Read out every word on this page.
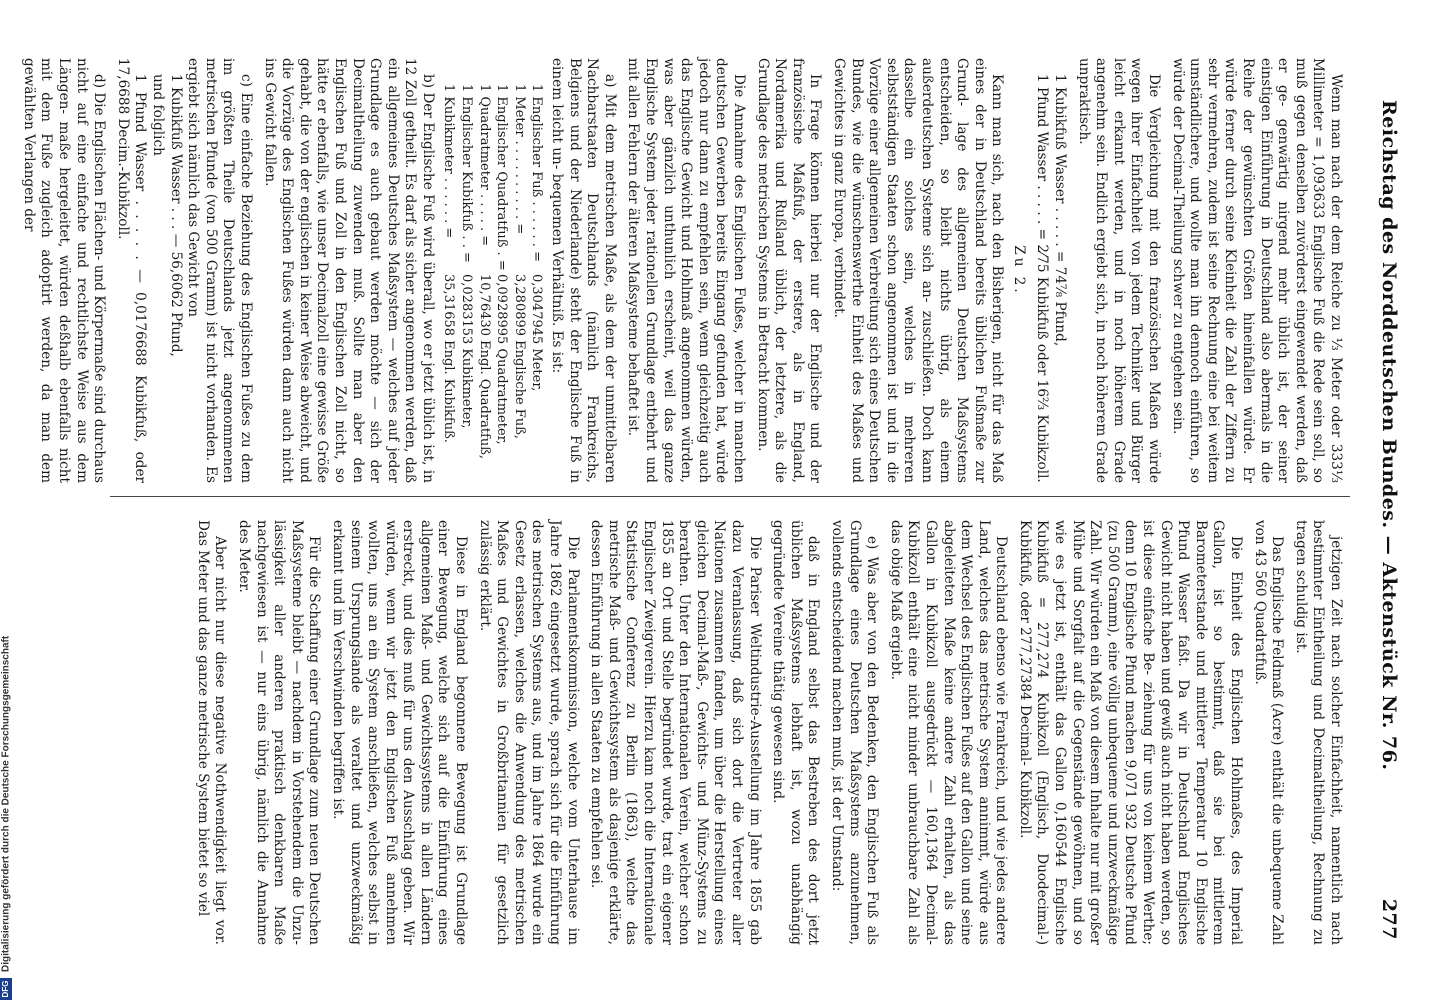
Reichstag des Norddeutschen Bundes. — Aktenstück Nr. 76.
277

Wenn man nach der dem Reiche zu ⅓ Meter oder 333⅓ Millimeter = 1,093633 Englische Fuß die Rede sein soll, so muß gegen denselben zuvörderst eingewendet werden, daß er ge- genwärtig nirgend mehr üblich ist, der seiner einstigen Einführung in Deutschland also abermals in die Reihe der gewünschten Größen hineinfallen würde. Er würde ferner durch seine Kleinheit die Zahl der Ziffern zu sehr vermehren, zudem ist seine Rechnung eine bei weitem umständlichere, und wollte man ihn dennoch einführen, so würde der Decimal-Theilung schwer zu entgehen sein.

Die Vergleichung mit den französischen Maßen würde wegen ihrer Einfachheit von jedem Techniker und Bürger leicht erkannt werden, und in noch höherem Grade angenehm sein. Endlich ergiebt sich, in noch höherem Grade unpraktisch.

1 Kubikfuß Wasser . . . . . = 74⅞ Pfund,

1 Pfund Wasser . . . . . = 2⁄75 Kubikfuß oder 16⅔ Kubikzoll.

Zu 2.

Kann man sich, nach den Bisherigen, nicht für das Maß eines der in Deutschland bereits üblichen Fußmaße zur Grund- lage des allgemeinen Deutschen Maßsystems entscheiden, so bleibt nichts übrig, als einem außerdeutschen Systeme sich an- zuschließen. Doch kann dasselbe ein solches sein, welches in mehreren selbstständigen Staaten schon angenommen ist und in die Vorzüge einer allgemeinen Verbreitung sich eines Deutschen Bundes, wie die wünschenswerthe Einheit des Maßes und Gewichtes in ganz Europa, verbindet.

In Frage können hierbei nur der Englische und der französische Maßfuß, der erstere, als in England, Nordamerika und Rußland üblich, der letztere, als die Grundlage des metrischen Systems in Betracht kommen.

Die Annahme des Englischen Fußes, welcher in manchen deutschen Gewerben bereits Eingang gefunden hat, würde jedoch nur dann zu empfehlen sein, wenn gleichzeitig auch das Englische Gewicht und Hohlmaß angenommen würden, was aber gänzlich unthunlich erscheint, weil das ganze Englische System jeder rationellen Grundlage entbehrt und mit allen Fehlern der älteren Maßsysteme behaftet ist.

a) Mit dem metrischen Maße, als dem der unmittelbaren Nachbarstaaten Deutschlands (nämlich Frankreichs, Belgiens und der Niederlande) steht der Englische Fuß in einem leicht un- bequemen Verhältniß. Es ist:

1 Englischer Fuß . . . . . . =
0,3047945 Meter,
1 Meter . . . . . . . . . . =
3,280899 Englische Fuß,
1 Englischer Quadratfuß . =
0,0928995 Quadratmeter,
1 Quadratmeter . . . . . =
10,76430 Engl. Quadratfuß,
1 Englischer Kubikfuß . . =
0,0283153 Kubikmeter,
1 Kubikmeter . . . . . . =
35,31658 Engl. Kubikfuß.

b) Der Englische Fuß wird überall, wo er jetzt üblich ist, in 12 Zoll getheilt. Es darf als sicher angenommen werden, daß ein allgemeines Deutsches Maßsystem — welches auf jeder Grundlage es auch gebaut werden möchte — sich der Decimaltheilung zuwenden muß. Sollte man aber den Englischen Fuß und Zoll in den Englischen Zoll nicht, so hätte er ebenfalls, wie unser Decimalzoll eine gewisse Größe gehabt, die von der englischen in keiner Weise abweicht, und die Vorzüge des Englischen Fußes würden dann auch nicht ins Gewicht fallen.

c) Eine einfache Beziehung des Englischen Fußes zu dem im größten Theile Deutschlands jetzt angenommenen metrischen Pfunde (von 500 Gramm) ist nicht vorhanden. Es ergiebt sich nämlich das Gewicht von

1 Kubikfuß Wasser . . . — 56,6062 Pfund,

und folglich

1 Pfund Wasser . . . . . — 0,0176688 Kubikfuß, oder 17,6688 Decim.-Kubikzoll.

d) Die Englischen Flächen- und Körpermaße sind durchaus nicht auf eine einfache und rechtlichste Weise aus dem Längen- maße hergeleitet, würden deßhalb ebenfalls nicht mit dem Fuße zugleich adoptirt werden, da man dem gewählten Verlangen der

jetzigen Zeit nach solcher Einfachheit, namentlich nach bestimmter Eintheilung und Decimaltheilung, Rechnung zu tragen schuldig ist.

Das Englische Feldmaß (Acre) enthält die unbequeme Zahl von 43 560 Quadratfuß.

Die Einheit des Englischen Hohlmaßes, des Imperial Gallon, ist so bestimmt, daß sie bei mittlerem Barometerstande und mittlerer Temperatur 10 Englische Pfund Wasser faßt. Da wir in Deutschland Englisches Gewicht nicht haben und gewiß auch nicht haben werden, so ist diese einfache Be- ziehung für uns von keinem Werthe; denn 10 Englische Pfund machen 9,071 932 Deutsche Pfund (zu 500 Gramm), eine völlig unbequeme und unzweckmäßige Zahl. Wir würden ein Maß von diesem Inhalte nur mit großer Mühe und Sorgfalt auf die Gegenstände gewöhnen, und so wie es jetzt ist, enthält das Gallon 0,160544 Englische Kubikfuß = 277,274 Kubikzoll (Englisch, Duodecimal-) Kubikfuß, oder 277,27384 Decimal- Kubikzoll.

Deutschland ebenso wie Frankreich, und wie jedes andere Land, welches das metrische System annimmt, würde aus dem Wechsel des Englischen Fußes auf den Gallon und seine abgeleiteten Maße keine andere Zahl erhalten, als das Gallon in Kubikzoll ausgedrückt — 160,1364 Decimal- Kubikzoll enthält eine nicht minder unbrauchbare Zahl als das obige Maß ergiebt.

e) Was aber von den Bedenken, den Englischen Fuß als Grundlage eines Deutschen Maßsystems anzunehmen, vollends entscheidend machen muß, ist der Umstand:

daß in England selbst das Bestreben des dort jetzt üblichen Maßsystems lebhaft ist, wozu unabhängig gegründete Vereine thätig gewesen sind.

Die Pariser Weltindustrie-Ausstellung im Jahre 1855 gab dazu Veranlassung, daß sich dort die Vertreter aller Nationen zusammen fanden, um über die Herstellung eines gleichen Decimal-Maß-, Gewichts- und Münz-Systems zu berathen. Unter den Internationalen Verein, welcher schon 1855 an Ort und Stelle begründet wurde, trat ein eigener Englischer Zweigverein. Hierzu kam noch die Internationale Statistische Conferenz zu Berlin (1863), welche das metrische Maß- und Gewichtssystem als dasjenige erklärte, dessen Einführung in allen Staaten zu empfehlen sei.

Die Parlamentskommission, welche vom Unterhause im Jahre 1862 eingesetzt wurde, sprach sich für die Einführung des metrischen Systems aus, und im Jahre 1864 wurde ein Gesetz erlassen, welches die Anwendung des metrischen Maßes und Gewichtes in Großbritannien für gesetzlich zulässig erklärt.

Diese in England begonnene Bewegung ist Grundlage einer Bewegung, welche sich auf die Einführung eines allgemeinen Maß- und Gewichtssystems in allen Ländern erstreckt, und dies muß für uns den Ausschlag geben. Wir würden, wenn wir jetzt den Englischen Fuß annehmen wollten, uns an ein System anschließen, welches selbst in seinem Ursprungslande als veraltet und unzweckmäßig erkannt und im Verschwinden begriffen ist.

Für die Schaffung einer Grundlage zum neuen Deutschen Maßsysteme bleibt — nachdem in Vorstehendem die Unzu- lässigkeit aller anderen praktisch denkbaren Maße nachgewiesen ist — nur eins übrig, nämlich die Annahme des Meter.

Aber nicht nur diese negative Nothwendigkeit liegt vor. Das Meter und das ganze metrische System bietet so viel

DFGDigitalisierung gefördert durch die Deutsche Forschungsgemeinschaft
